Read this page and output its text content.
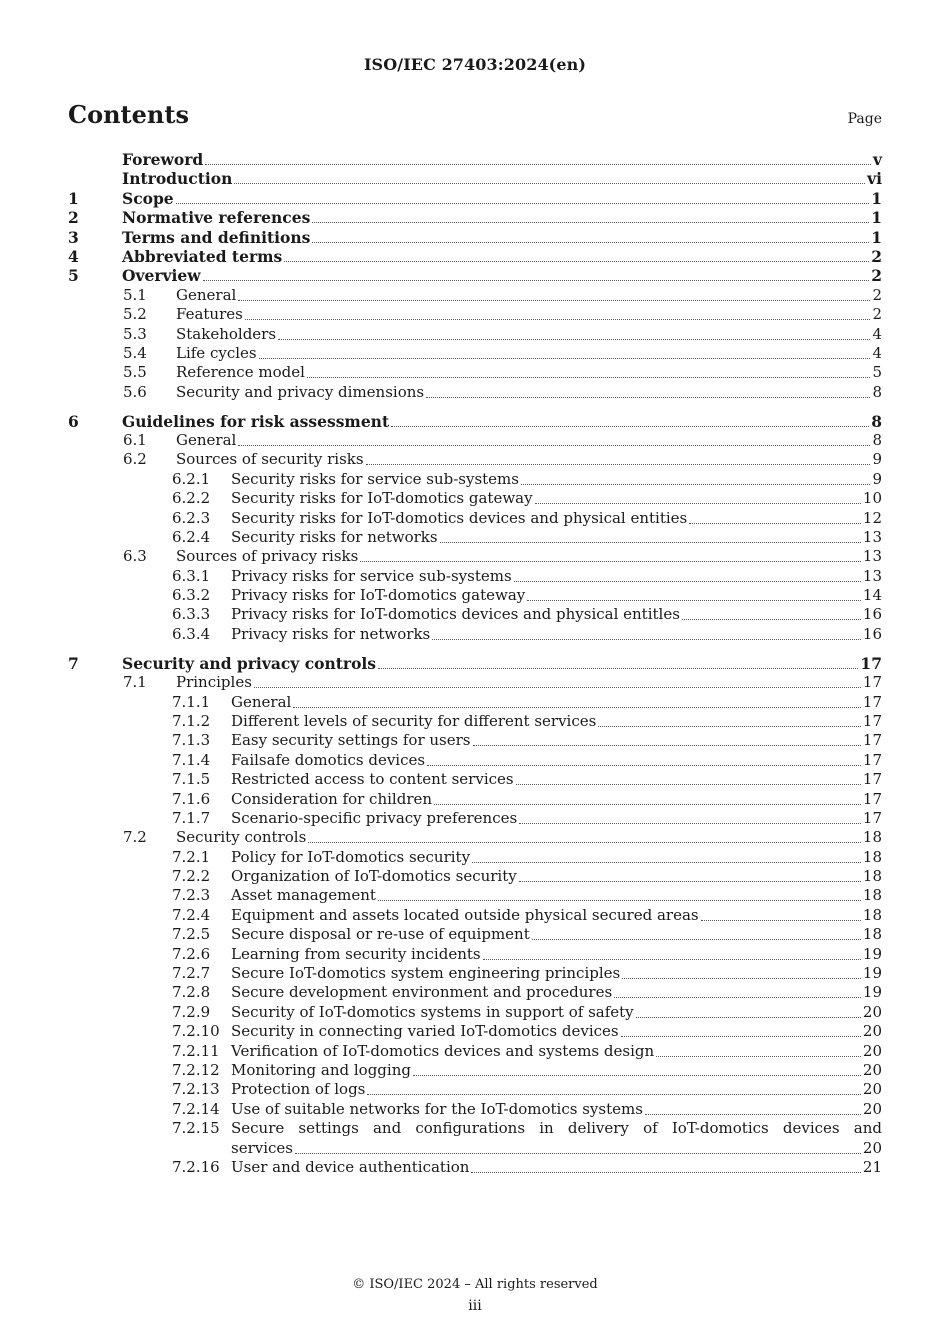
ISO/IEC 27403:2024(en)
Contents	Page
Foreword	v
Introduction	vi
1	Scope	1
2	Normative references	1
3	Terms and definitions	1
4	Abbreviated terms	2
5	Overview	2
5.1 General	2
5.2 Features	2
5.3 Stakeholders	4
5.4 Life cycles	4
5.5 Reference model	5
5.6 Security and privacy dimensions	8
6	Guidelines for risk assessment	8
6.1 General	8
6.2 Sources of security risks	9
6.2.1 Security risks for service sub-systems	9
6.2.2 Security risks for IoT-domotics gateway	10
6.2.3 Security risks for IoT-domotics devices and physical entities	12
6.2.4 Security risks for networks	13
6.3 Sources of privacy risks	13
6.3.1 Privacy risks for service sub-systems	13
6.3.2 Privacy risks for IoT-domotics gateway	14
6.3.3 Privacy risks for IoT-domotics devices and physical entitles	16
6.3.4 Privacy risks for networks	16
7	Security and privacy controls	17
7.1 Principles	17
7.1.1 General	17
7.1.2 Different levels of security for different services	17
7.1.3 Easy security settings for users	17
7.1.4 Failsafe domotics devices	17
7.1.5 Restricted access to content services	17
7.1.6 Consideration for children	17
7.1.7 Scenario-specific privacy preferences	17
7.2 Security controls	18
7.2.1 Policy for IoT-domotics security	18
7.2.2 Organization of IoT-domotics security	18
7.2.3 Asset management	18
7.2.4 Equipment and assets located outside physical secured areas	18
7.2.5 Secure disposal or re-use of equipment	18
7.2.6 Learning from security incidents	19
7.2.7 Secure IoT-domotics system engineering principles	19
7.2.8 Secure development environment and procedures	19
7.2.9 Security of IoT-domotics systems in support of safety	20
7.2.10 Security in connecting varied IoT-domotics devices	20
7.2.11 Verification of IoT-domotics devices and systems design	20
7.2.12 Monitoring and logging	20
7.2.13 Protection of logs	20
7.2.14 Use of suitable networks for the IoT-domotics systems	20
7.2.15 Secure settings and configurations in delivery of IoT-domotics devices and
services	20
7.2.16 User and device authentication	21
© ISO/IEC 2024 – All rights reserved
iii
